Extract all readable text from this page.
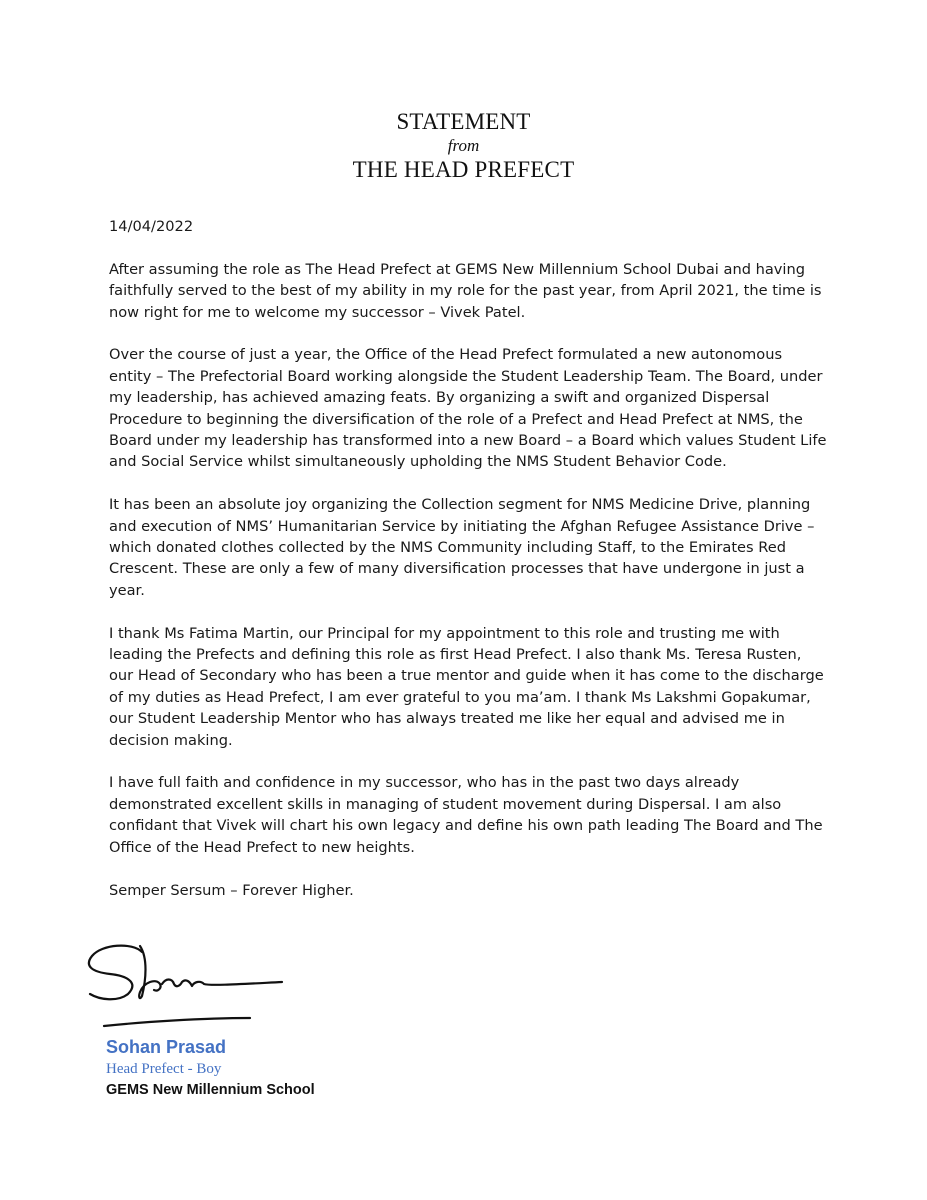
STATEMENT
from
THE HEAD PREFECT

14/04/2022

After assuming the role as The Head Prefect at GEMS New Millennium School Dubai and having faithfully served to the best of my ability in my role for the past year, from April 2021, the time is now right for me to welcome my successor – Vivek Patel.

Over the course of just a year, the Office of the Head Prefect formulated a new autonomous entity – The Prefectorial Board working alongside the Student Leadership Team. The Board, under my leadership, has achieved amazing feats. By organizing a swift and organized Dispersal Procedure to beginning the diversification of the role of a Prefect and Head Prefect at NMS, the Board under my leadership has transformed into a new Board – a Board which values Student Life and Social Service whilst simultaneously upholding the NMS Student Behavior Code.

It has been an absolute joy organizing the Collection segment for NMS Medicine Drive, planning and execution of NMS’ Humanitarian Service by initiating the Afghan Refugee Assistance Drive – which donated clothes collected by the NMS Community including Staff, to the Emirates Red Crescent. These are only a few of many diversification processes that have undergone in just a year.

I thank Ms Fatima Martin, our Principal for my appointment to this role and trusting me with leading the Prefects and defining this role as first Head Prefect. I also thank Ms. Teresa Rusten, our Head of Secondary who has been a true mentor and guide when it has come to the discharge of my duties as Head Prefect, I am ever grateful to you ma’am. I thank Ms Lakshmi Gopakumar, our Student Leadership Mentor who has always treated me like her equal and advised me in decision making.

I have full faith and confidence in my successor, who has in the past two days already demonstrated excellent skills in managing of student movement during Dispersal. I am also confidant that Vivek will chart his own legacy and define his own path leading The Board and The Office of the Head Prefect to new heights.

Semper Sersum – Forever Higher.

Sohan Prasad
Head Prefect - Boy
GEMS New Millennium School
